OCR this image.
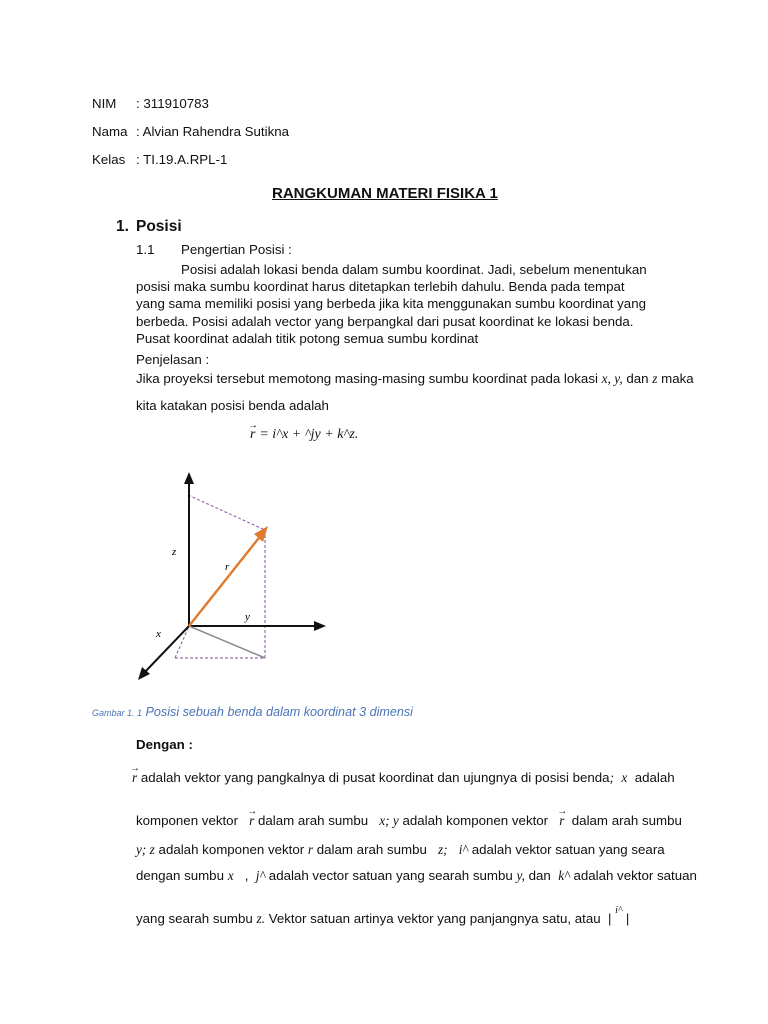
NIM	: 311910783
Nama : Alvian Rahendra Sutikna
Kelas : TI.19.A.RPL-1
RANGKUMAN MATERI FISIKA 1
1. Posisi
1.1 Pengertian Posisi :
Posisi adalah lokasi benda dalam sumbu koordinat. Jadi, sebelum menentukan posisi maka sumbu koordinat harus ditetapkan terlebih dahulu. Benda pada tempat yang sama memiliki posisi yang berbeda jika kita menggunakan sumbu koordinat yang berbeda. Posisi adalah vector yang berpangkal dari pusat koordinat ke lokasi benda. Pusat koordinat adalah titik potong semua sumbu kordinat
Penjelasan :
Jika proyeksi tersebut memotong masing-masing sumbu koordinat pada lokasi x, y, dan z maka
kita katakan posisi benda adalah
→
r = i^x + ^jy + k^z.
z
y
x
r
Gambar 1. 1 Posisi sebuah benda dalam koordinat 3 dimensi
Dengan :
→
r adalah vektor yang pangkalnya di pusat koordinat dan ujungnya di posisi benda; x adalah
komponen vektor
→
r dalam arah sumbu x; y adalah komponen vektor
→
r dalam arah sumbu
y; z adalah komponen vektor r dalam arah sumbu z; i^ adalah vektor satuan yang seara
dengan sumbu x , j^ adalah vector satuan yang searah sumbu y, dan k^ adalah vektor satuan
yang searah sumbu z. Vektor satuan artinya vektor yang panjangnya satu, atau | $^{i\^{}}$ |
